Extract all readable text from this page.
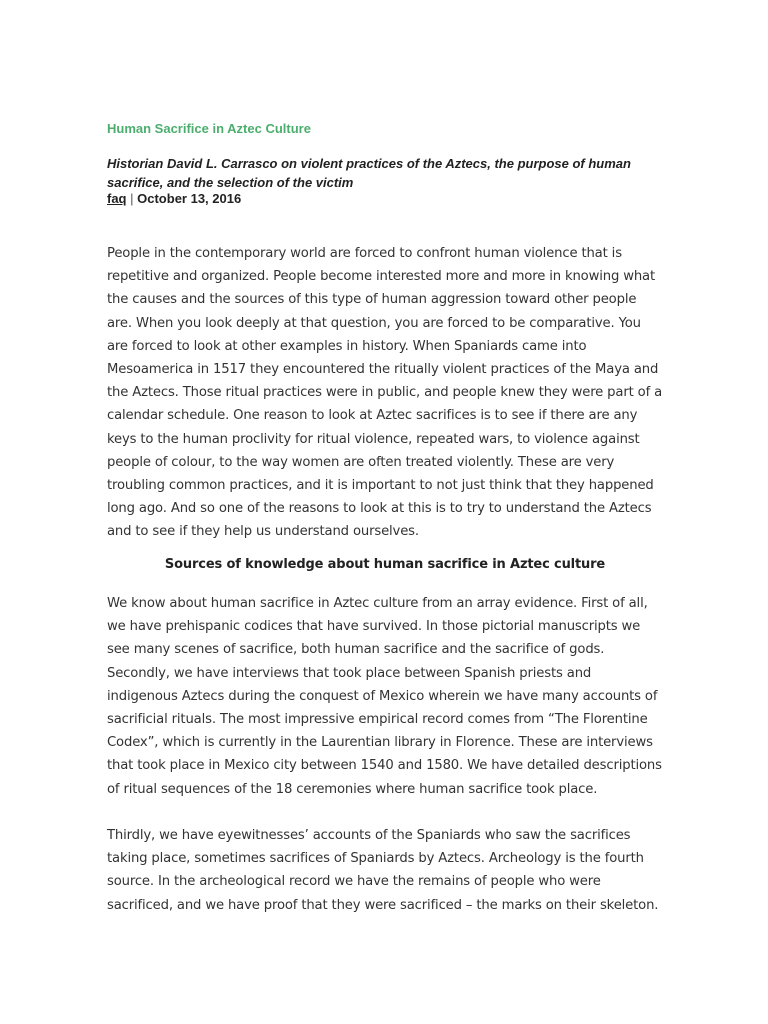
Human Sacrifice in Aztec Culture

Historian David L. Carrasco on violent practices of the Aztecs, the purpose of human sacrifice, and the selection of the victim

faq | October 13, 2016

People in the contemporary world are forced to confront human violence that is repetitive and organized. People become interested more and more in knowing what the causes and the sources of this type of human aggression toward other people are. When you look deeply at that question, you are forced to be comparative. You are forced to look at other examples in history. When Spaniards came into Mesoamerica in 1517 they encountered the ritually violent practices of the Maya and the Aztecs. Those ritual practices were in public, and people knew they were part of a calendar schedule. One reason to look at Aztec sacrifices is to see if there are any keys to the human proclivity for ritual violence, repeated wars, to violence against people of colour, to the way women are often treated violently. These are very troubling common practices, and it is important to not just think that they happened long ago. And so one of the reasons to look at this is to try to understand the Aztecs and to see if they help us understand ourselves.

Sources of knowledge about human sacrifice in Aztec culture

We know about human sacrifice in Aztec culture from an array evidence. First of all, we have prehispanic codices that have survived. In those pictorial manuscripts we see many scenes of sacrifice, both human sacrifice and the sacrifice of gods. Secondly, we have interviews that took place between Spanish priests and indigenous Aztecs during the conquest of Mexico wherein we have many accounts of sacrificial rituals. The most impressive empirical record comes from “The Florentine Codex”, which is currently in the Laurentian library in Florence. These are interviews that took place in Mexico city between 1540 and 1580. We have detailed descriptions of ritual sequences of the 18 ceremonies where human sacrifice took place.

Thirdly, we have eyewitnesses’ accounts of the Spaniards who saw the sacrifices taking place, sometimes sacrifices of Spaniards by Aztecs. Archeology is the fourth source. In the archeological record we have the remains of people who were sacrificed, and we have proof that they were sacrificed – the marks on their skeleton.
